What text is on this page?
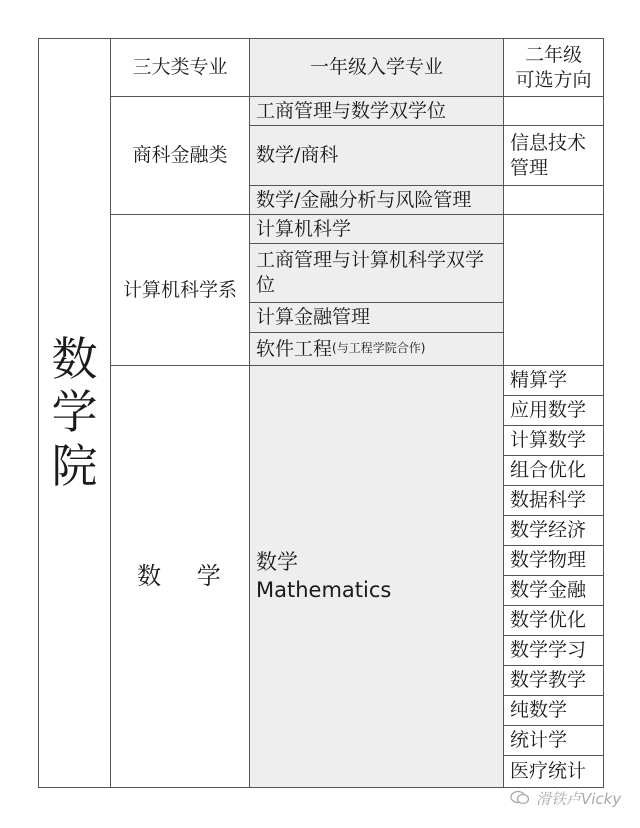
数
学
院
三大类专业	一年级入学专业
二年级
可选方向
商科金融类
工商管理与数学双学位
数学/商科
数学/金融分析与风险管理
信息技术
管理
计算机科学系
计算机科学
工商管理与计算机科学双学位
计算金融管理
软件工程 (与工程学院合作)
数 学 数学
Mathematics
精算学
应用数学
计算数学
组合优化
数据科学
数学经济
数学物理
数学金融
数学优化
数学学习
数学教学
纯数学
统计学
医疗统计
滑铁卢Vicky
